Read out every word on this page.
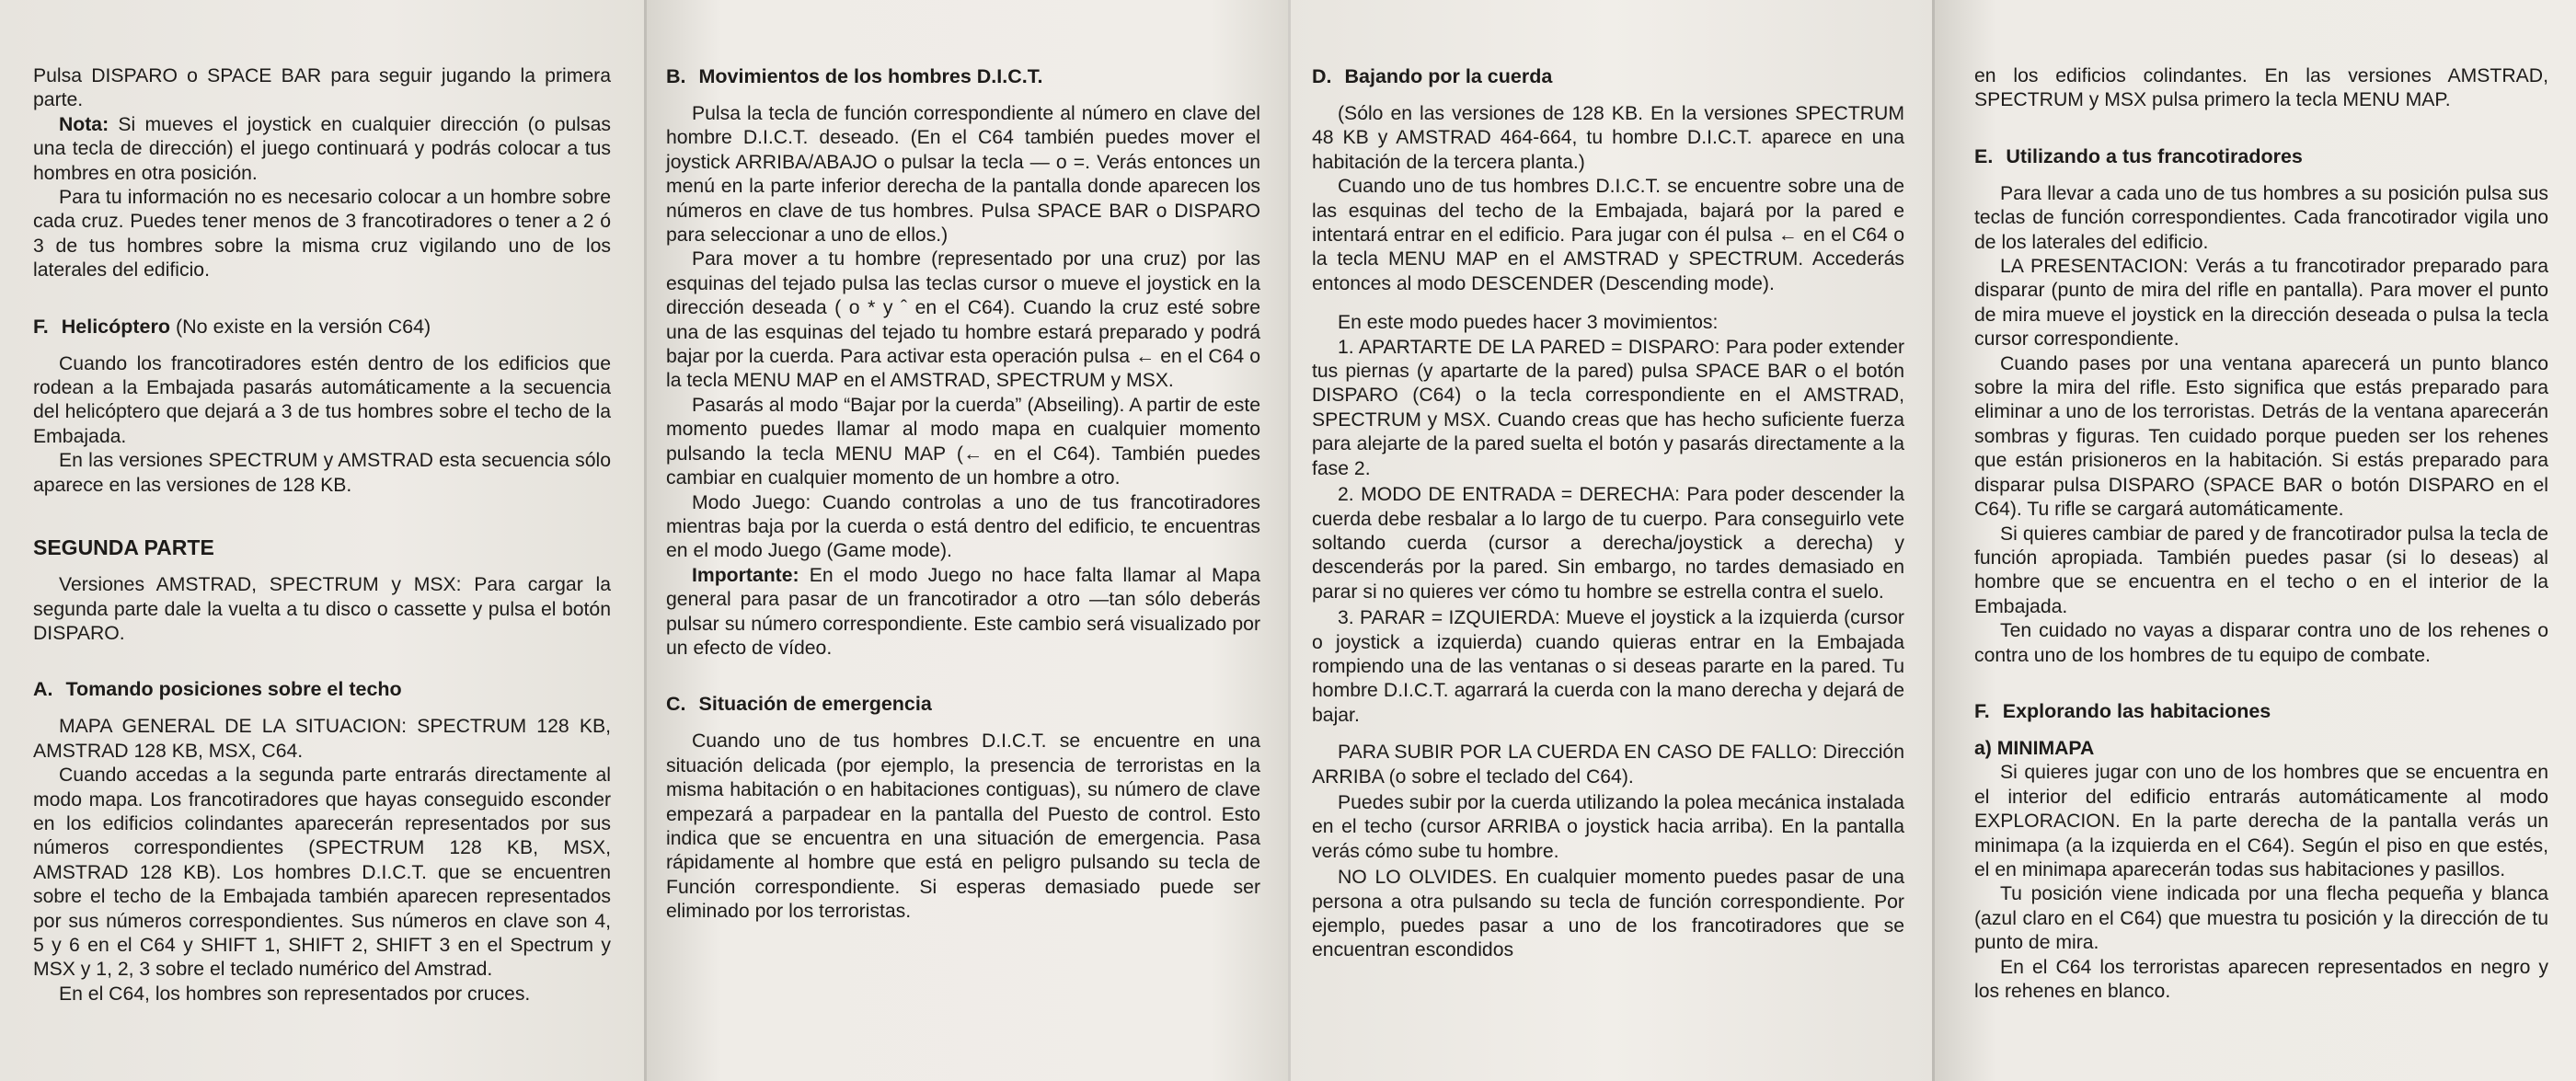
Pulsa DISPARO o SPACE BAR para seguir jugando la primera parte.

Nota: Si mueves el joystick en cualquier dirección (o pulsas una tecla de dirección) el juego continuará y podrás colocar a tus hombres en otra posición.

Para tu información no es necesario colocar a un hombre sobre cada cruz. Puedes tener menos de 3 francotiradores o tener a 2 ó 3 de tus hombres sobre la misma cruz vigilando uno de los laterales del edificio.

F. Helicóptero (No existe en la versión C64)

Cuando los francotiradores estén dentro de los edificios que rodean a la Embajada pasarás automáticamente a la secuencia del helicóptero que dejará a 3 de tus hombres sobre el techo de la Embajada.

En las versiones SPECTRUM y AMSTRAD esta secuencia sólo aparece en las versiones de 128 KB.

SEGUNDA PARTE

Versiones AMSTRAD, SPECTRUM y MSX: Para cargar la segunda parte dale la vuelta a tu disco o cassette y pulsa el botón DISPARO.

A. Tomando posiciones sobre el techo

MAPA GENERAL DE LA SITUACION: SPECTRUM 128 KB, AMSTRAD 128 KB, MSX, C64.

Cuando accedas a la segunda parte entrarás directamente al modo mapa. Los francotiradores que hayas conseguido esconder en los edificios colindantes aparecerán representados por sus números correspondientes (SPECTRUM 128 KB, MSX, AMSTRAD 128 KB). Los hombres D.I.C.T. que se encuentren sobre el techo de la Embajada también aparecen representados por sus números correspondientes. Sus números en clave son 4, 5 y 6 en el C64 y SHIFT 1, SHIFT 2, SHIFT 3 en el Spectrum y MSX y 1, 2, 3 sobre el teclado numérico del Amstrad.

En el C64, los hombres son representados por cruces.

B. Movimientos de los hombres D.I.C.T.

Pulsa la tecla de función correspondiente al número en clave del hombre D.I.C.T. deseado. (En el C64 también puedes mover el joystick ARRIBA/ABAJO o pulsar la tecla — o =. Verás entonces un menú en la parte inferior derecha de la pantalla donde aparecen los números en clave de tus hombres. Pulsa SPACE BAR o DISPARO para seleccionar a uno de ellos.)

Para mover a tu hombre (representado por una cruz) por las esquinas del tejado pulsa las teclas cursor o mueve el joystick en la dirección deseada ( o * y ˆ en el C64). Cuando la cruz esté sobre una de las esquinas del tejado tu hombre estará preparado y podrá bajar por la cuerda. Para activar esta operación pulsa ← en el C64 o la tecla MENU MAP en el AMSTRAD, SPECTRUM y MSX.

Pasarás al modo “Bajar por la cuerda” (Abseiling). A partir de este momento puedes llamar al modo mapa en cualquier momento pulsando la tecla MENU MAP (← en el C64). También puedes cambiar en cualquier momento de un hombre a otro.

Modo Juego: Cuando controlas a uno de tus francotiradores mientras baja por la cuerda o está dentro del edificio, te encuentras en el modo Juego (Game mode).

Importante: En el modo Juego no hace falta llamar al Mapa general para pasar de un francotirador a otro —tan sólo deberás pulsar su número correspondiente. Este cambio será visualizado por un efecto de vídeo.

C. Situación de emergencia

Cuando uno de tus hombres D.I.C.T. se encuentre en una situación delicada (por ejemplo, la presencia de terroristas en la misma habitación o en habitaciones contiguas), su número de clave empezará a parpadear en la pantalla del Puesto de control. Esto indica que se encuentra en una situación de emergencia. Pasa rápidamente al hombre que está en peligro pulsando su tecla de Función correspondiente. Si esperas demasiado puede ser eliminado por los terroristas.

D. Bajando por la cuerda

(Sólo en las versiones de 128 KB. En la versiones SPECTRUM 48 KB y AMSTRAD 464-664, tu hombre D.I.C.T. aparece en una habitación de la tercera planta.)

Cuando uno de tus hombres D.I.C.T. se encuentre sobre una de las esquinas del techo de la Embajada, bajará por la pared e intentará entrar en el edificio. Para jugar con él pulsa ← en el C64 o la tecla MENU MAP en el AMSTRAD y SPECTRUM. Accederás entonces al modo DESCENDER (Descending mode).

En este modo puedes hacer 3 movimientos:

1. APARTARTE DE LA PARED = DISPARO: Para poder extender tus piernas (y apartarte de la pared) pulsa SPACE BAR o el botón DISPARO (C64) o la tecla correspondiente en el AMSTRAD, SPECTRUM y MSX. Cuando creas que has hecho suficiente fuerza para alejarte de la pared suelta el botón y pasarás directamente a la fase 2.

2. MODO DE ENTRADA = DERECHA: Para poder descender la cuerda debe resbalar a lo largo de tu cuerpo. Para conseguirlo vete soltando cuerda (cursor a derecha/joystick a derecha) y descenderás por la pared. Sin embargo, no tardes demasiado en parar si no quieres ver cómo tu hombre se estrella contra el suelo.

3. PARAR = IZQUIERDA: Mueve el joystick a la izquierda (cursor o joystick a izquierda) cuando quieras entrar en la Embajada rompiendo una de las ventanas o si deseas pararte en la pared. Tu hombre D.I.C.T. agarrará la cuerda con la mano derecha y dejará de bajar.

PARA SUBIR POR LA CUERDA EN CASO DE FALLO: Dirección ARRIBA (o sobre el teclado del C64).

Puedes subir por la cuerda utilizando la polea mecánica instalada en el techo (cursor ARRIBA o joystick hacia arriba). En la pantalla verás cómo sube tu hombre.

NO LO OLVIDES. En cualquier momento puedes pasar de una persona a otra pulsando su tecla de función correspondiente. Por ejemplo, puedes pasar a uno de los francotiradores que se encuentran escondidos

en los edificios colindantes. En las versiones AMSTRAD, SPECTRUM y MSX pulsa primero la tecla MENU MAP.

E. Utilizando a tus francotiradores

Para llevar a cada uno de tus hombres a su posición pulsa sus teclas de función correspondientes. Cada francotirador vigila uno de los laterales del edificio.

LA PRESENTACION: Verás a tu francotirador preparado para disparar (punto de mira del rifle en pantalla). Para mover el punto de mira mueve el joystick en la dirección deseada o pulsa la tecla cursor correspondiente.

Cuando pases por una ventana aparecerá un punto blanco sobre la mira del rifle. Esto significa que estás preparado para eliminar a uno de los terroristas. Detrás de la ventana aparecerán sombras y figuras. Ten cuidado porque pueden ser los rehenes que están prisioneros en la habitación. Si estás preparado para disparar pulsa DISPARO (SPACE BAR o botón DISPARO en el C64). Tu rifle se cargará automáticamente.

Si quieres cambiar de pared y de francotirador pulsa la tecla de función apropiada. También puedes pasar (si lo deseas) al hombre que se encuentra en el techo o en el interior de la Embajada.

Ten cuidado no vayas a disparar contra uno de los rehenes o contra uno de los hombres de tu equipo de combate.

F. Explorando las habitaciones

a) MINIMAPA

Si quieres jugar con uno de los hombres que se encuentra en el interior del edificio entrarás automáticamente al modo EXPLORACION. En la parte derecha de la pantalla verás un minimapa (a la izquierda en el C64). Según el piso en que estés, el en minimapa aparecerán todas sus habitaciones y pasillos.

Tu posición viene indicada por una flecha pequeña y blanca (azul claro en el C64) que muestra tu posición y la dirección de tu punto de mira.

En el C64 los terroristas aparecen representados en negro y los rehenes en blanco.
